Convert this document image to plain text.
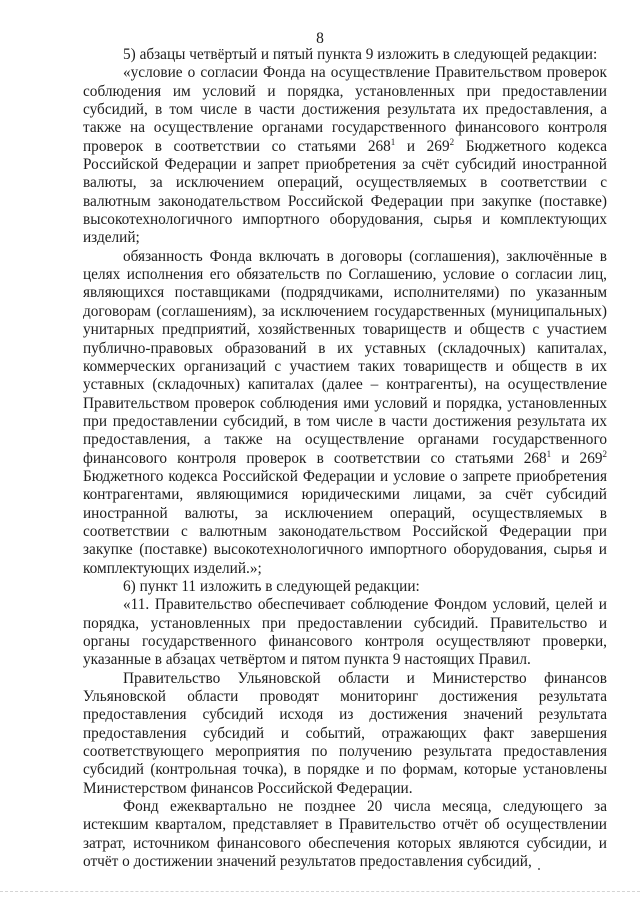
8

5) абзацы четвёртый и пятый пункта 9 изложить в следующей редакции:

«условие о согласии Фонда на осуществление Правительством проверок соблюдения им условий и порядка, установленных при предоставлении субсидий, в том числе в части достижения результата их предоставления, а также на осуществление органами государственного финансового контроля проверок в соответствии со статьями $268^1$ и $269^2$ Бюджетного кодекса Российской Федерации и запрет приобретения за счёт субсидий иностранной валюты, за исключением операций, осуществляемых в соответствии с валютным законодательством Российской Федерации при закупке (поставке) высокотехнологичного импортного оборудования, сырья и комплектующих изделий;

обязанность Фонда включать в договоры (соглашения), заключённые в целях исполнения его обязательств по Соглашению, условие о согласии лиц, являющихся поставщиками (подрядчиками, исполнителями) по указанным договорам (соглашениям), за исключением государственных (муниципальных) унитарных предприятий, хозяйственных товариществ и обществ с участием публично-правовых образований в их уставных (складочных) капиталах, коммерческих организаций с участием таких товариществ и обществ в их уставных (складочных) капиталах (далее – контрагенты), на осуществление Правительством проверок соблюдения ими условий и порядка, установленных при предоставлении субсидий, в том числе в части достижения результата их предоставления, а также на осуществление органами государственного финансового контроля проверок в соответствии со статьями $268^1$ и $269^2$ Бюджетного кодекса Российской Федерации и условие о запрете приобретения контрагентами, являющимися юридическими лицами, за счёт субсидий иностранной валюты, за исключением операций, осуществляемых в соответствии с валютным законодательством Российской Федерации при закупке (поставке) высокотехнологичного импортного оборудования, сырья и комплектующих изделий.»;

6) пункт 11 изложить в следующей редакции:

«11. Правительство обеспечивает соблюдение Фондом условий, целей и порядка, установленных при предоставлении субсидий. Правительство и органы государственного финансового контроля осуществляют проверки, указанные в абзацах четвёртом и пятом пункта 9 настоящих Правил.

Правительство Ульяновской области и Министерство финансов Ульяновской области проводят мониторинг достижения результата предоставления субсидий исходя из достижения значений результата предоставления субсидий и событий, отражающих факт завершения соответствующего мероприятия по получению результата предоставления субсидий (контрольная точка), в порядке и по формам, которые установлены Министерством финансов Российской Федерации.

Фонд ежеквартально не позднее 20 числа месяца, следующего за истекшим кварталом, представляет в Правительство отчёт об осуществлении затрат, источником финансового обеспечения которых являются субсидии, и отчёт о достижении значений результатов предоставления субсидий,
